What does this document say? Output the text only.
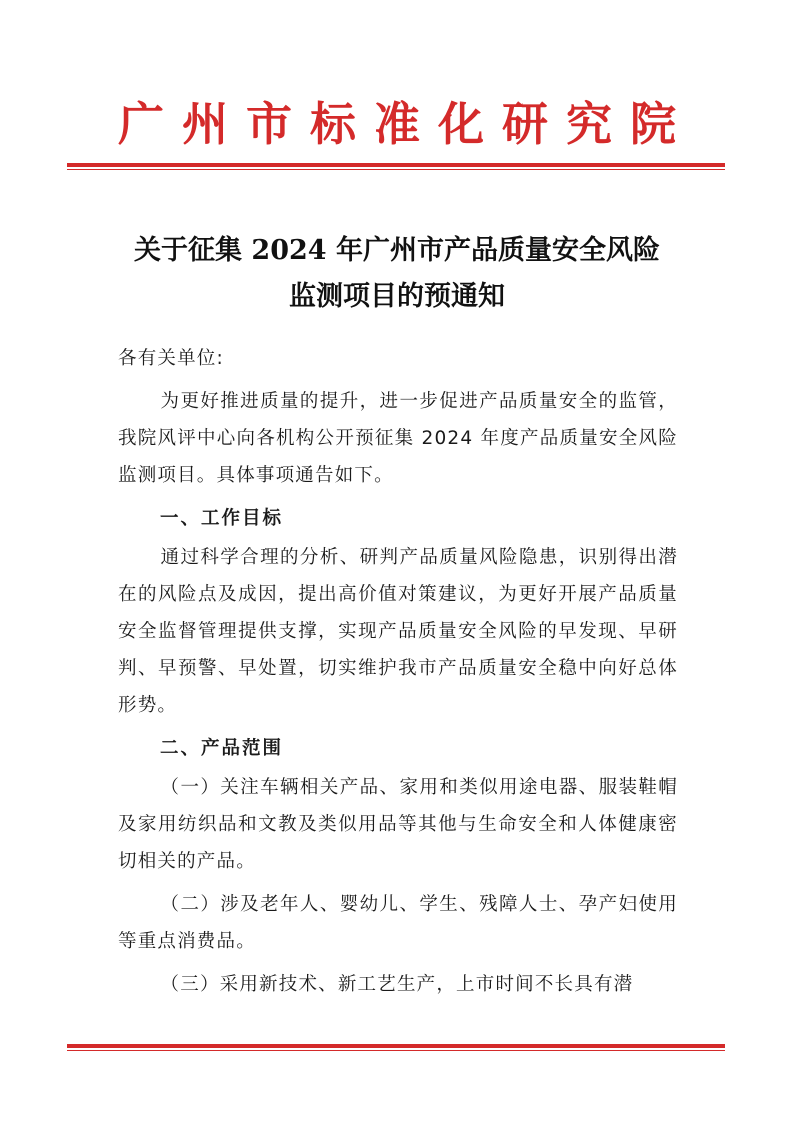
广州市标准化研究院
关于征集 2024 年广州市产品质量安全风险
监测项目的预通知

各有关单位:

为更好推进质量的提升，进一步促进产品质量安全的监管，我院风评中心向各机构公开预征集 2024 年度产品质量安全风险监测项目。具体事项通告如下。

一、工作目标

通过科学合理的分析、研判产品质量风险隐患，识别得出潜在的风险点及成因，提出高价值对策建议，为更好开展产品质量安全监督管理提供支撑，实现产品质量安全风险的早发现、早研判、早预警、早处置，切实维护我市产品质量安全稳中向好总体形势。

二、产品范围

（一）关注车辆相关产品、家用和类似用途电器、服装鞋帽及家用纺织品和文教及类似用品等其他与生命安全和人体健康密切相关的产品。

（二）涉及老年人、婴幼儿、学生、残障人士、孕产妇使用等重点消费品。

（三）采用新技术、新工艺生产，上市时间不长具有潜
